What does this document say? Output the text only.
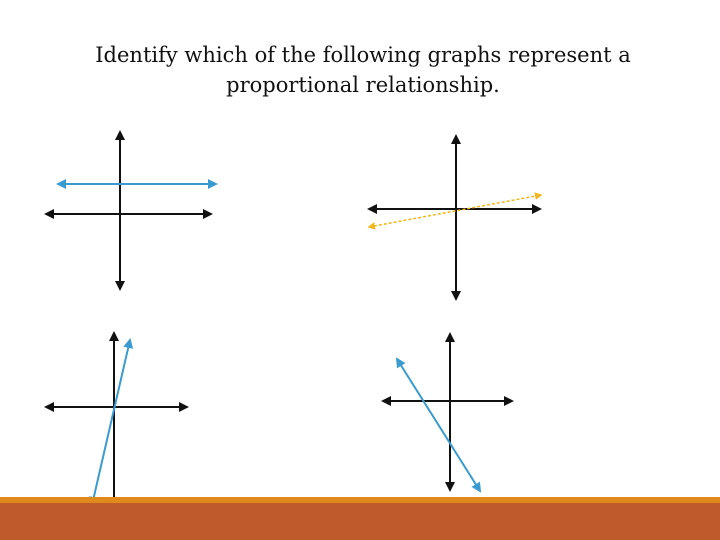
Identify which of the following graphs represent a
proportional relationship.
